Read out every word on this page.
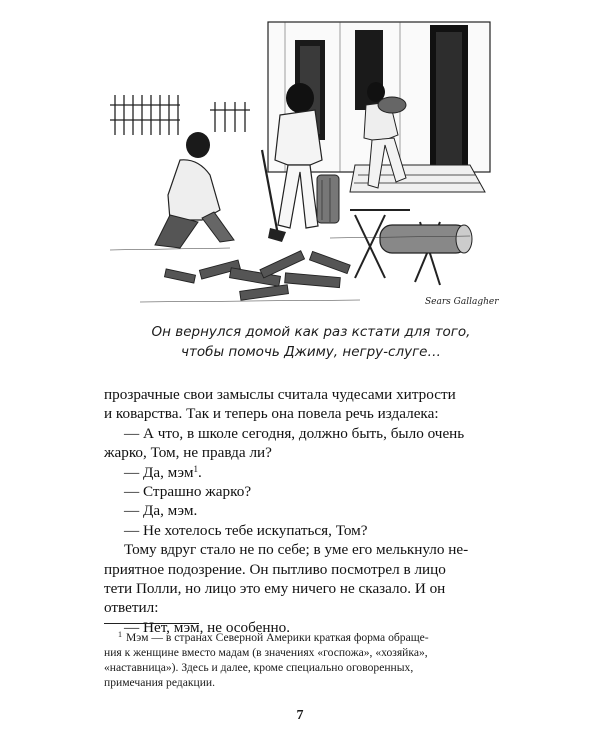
Sears Gallagher
Он вернулся домой как раз кстати для того,
чтобы помочь Джиму, негру-слуге…

прозрачные свои замыслы считала чудесами хитрости

и коварства. Так и теперь она повела речь издалека:

— А что, в школе сегодня, должно быть, было очень

жарко, Том, не правда ли?

— Да, мэм$^1$.

— Страшно жарко?

— Да, мэм.

— Не хотелось тебе искупаться, Том?

Тому вдруг стало не по себе; в уме его мелькнуло не-

приятное подозрение. Он пытливо посмотрел в лицо

тети Полли, но лицо это ему ничего не сказало. И он

ответил:

— Нет, мэм, не особенно.

$^1$ Мэм — в странах Северной Америки краткая форма обраще-
ния к женщине вместо мадам (в значениях «госпожа», «хозяйка»,
«наставница»). Здесь и далее, кроме специально оговоренных,
примечания редакции.
7
